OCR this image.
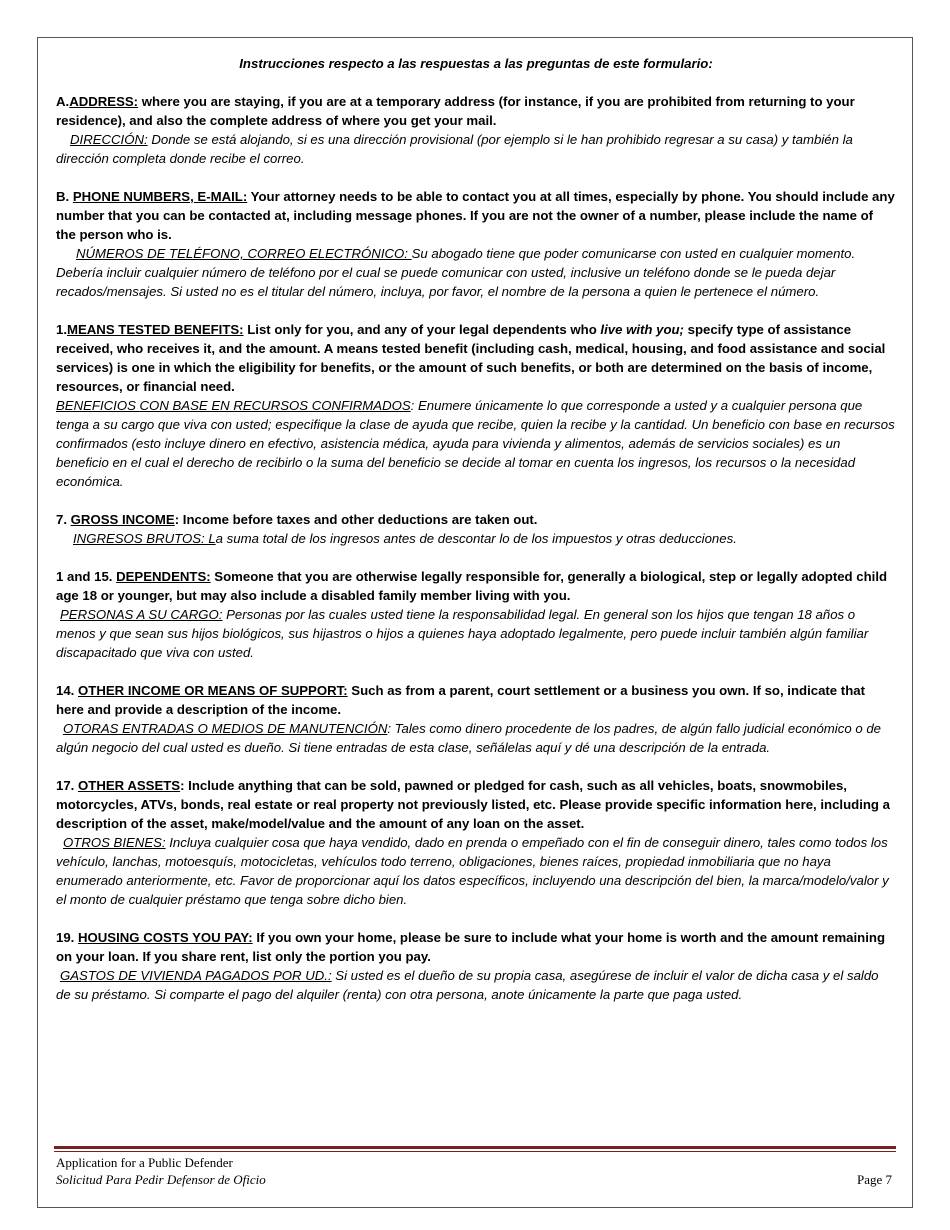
Instrucciones respecto a las respuestas a las preguntas de este formulario:

A.ADDRESS: where you are staying, if you are at a temporary address (for instance, if you are prohibited from returning to your residence), and also the complete address of where you get your mail.

DIRECCIÓN: Donde se está alojando, si es una dirección provisional (por ejemplo si le han prohibido regresar a su casa) y también la dirección completa donde recibe el correo.

B. PHONE NUMBERS, E-MAIL: Your attorney needs to be able to contact you at all times, especially by phone. You should include any number that you can be contacted at, including message phones. If you are not the owner of a number, please include the name of the person who is.

NÚMEROS DE TELÉFONO, CORREO ELECTRÓNICO: Su abogado tiene que poder comunicarse con usted en cualquier momento. Debería incluir cualquier número de teléfono por el cual se puede comunicar con usted, inclusive un teléfono donde se le pueda dejar recados/mensajes. Si usted no es el titular del número, incluya, por favor, el nombre de la persona a quien le pertenece el número.

1.MEANS TESTED BENEFITS: List only for you, and any of your legal dependents who live with you; specify type of assistance received, who receives it, and the amount. A means tested benefit (including cash, medical, housing, and food assistance and social services) is one in which the eligibility for benefits, or the amount of such benefits, or both are determined on the basis of income, resources, or financial need.

BENEFICIOS CON BASE EN RECURSOS CONFIRMADOS: Enumere únicamente lo que corresponde a usted y a cualquier persona que tenga a su cargo que viva con usted; especifique la clase de ayuda que recibe, quien la recibe y la cantidad. Un beneficio con base en recursos confirmados (esto incluye dinero en efectivo, asistencia médica, ayuda para vivienda y alimentos, además de servicios sociales) es un beneficio en el cual el derecho de recibirlo o la suma del beneficio se decide al tomar en cuenta los ingresos, los recursos o la necesidad económica.

7. GROSS INCOME: Income before taxes and other deductions are taken out.

INGRESOS BRUTOS: La suma total de los ingresos antes de descontar lo de los impuestos y otras deducciones.

1 and 15. DEPENDENTS: Someone that you are otherwise legally responsible for, generally a biological, step or legally adopted child age 18 or younger, but may also include a disabled family member living with you.

PERSONAS A SU CARGO: Personas por las cuales usted tiene la responsabilidad legal. En general son los hijos que tengan 18 años o menos y que sean sus hijos biológicos, sus hijastros o hijos a quienes haya adoptado legalmente, pero puede incluir también algún familiar discapacitado que viva con usted.

14. OTHER INCOME OR MEANS OF SUPPORT: Such as from a parent, court settlement or a business you own. If so, indicate that here and provide a description of the income.

OTORAS ENTRADAS O MEDIOS DE MANUTENCIÓN: Tales como dinero procedente de los padres, de algún fallo judicial económico o de algún negocio del cual usted es dueño. Si tiene entradas de esta clase, señálelas aquí y dé una descripción de la entrada.

17. OTHER ASSETS: Include anything that can be sold, pawned or pledged for cash, such as all vehicles, boats, snowmobiles, motorcycles, ATVs, bonds, real estate or real property not previously listed, etc. Please provide specific information here, including a description of the asset, make/model/value and the amount of any loan on the asset.

OTROS BIENES: Incluya cualquier cosa que haya vendido, dado en prenda o empeñado con el fin de conseguir dinero, tales como todos los vehículo, lanchas, motoesquís, motocicletas, vehículos todo terreno, obligaciones, bienes raíces, propiedad inmobiliaria que no haya enumerado anteriormente, etc. Favor de proporcionar aquí los datos específicos, incluyendo una descripción del bien, la marca/modelo/valor y el monto de cualquier préstamo que tenga sobre dicho bien.

19. HOUSING COSTS YOU PAY: If you own your home, please be sure to include what your home is worth and the amount remaining on your loan. If you share rent, list only the portion you pay.

GASTOS DE VIVIENDA PAGADOS POR UD.: Si usted es el dueño de su propia casa, asegúrese de incluir el valor de dicha casa y el saldo de su préstamo. Si comparte el pago del alquiler (renta) con otra persona, anote únicamente la parte que paga usted.

Application for a Public Defender
Solicitud Para Pedir Defensor de Oficio	Page 7
